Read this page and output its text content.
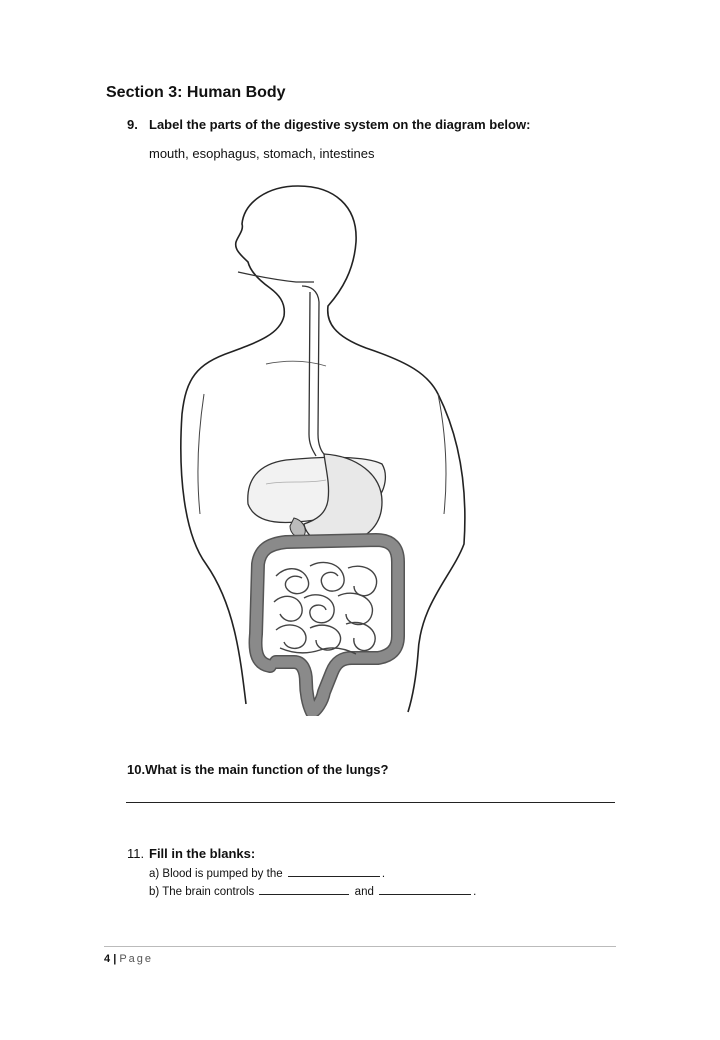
Section 3: Human Body
9. Label the parts of the digestive system on the diagram below:
mouth, esophagus, stomach, intestines
10.What is the main function of the lungs?
11. Fill in the blanks:
a) Blood is pumped by the	.
b) The brain controls	and	.
4 | Page
